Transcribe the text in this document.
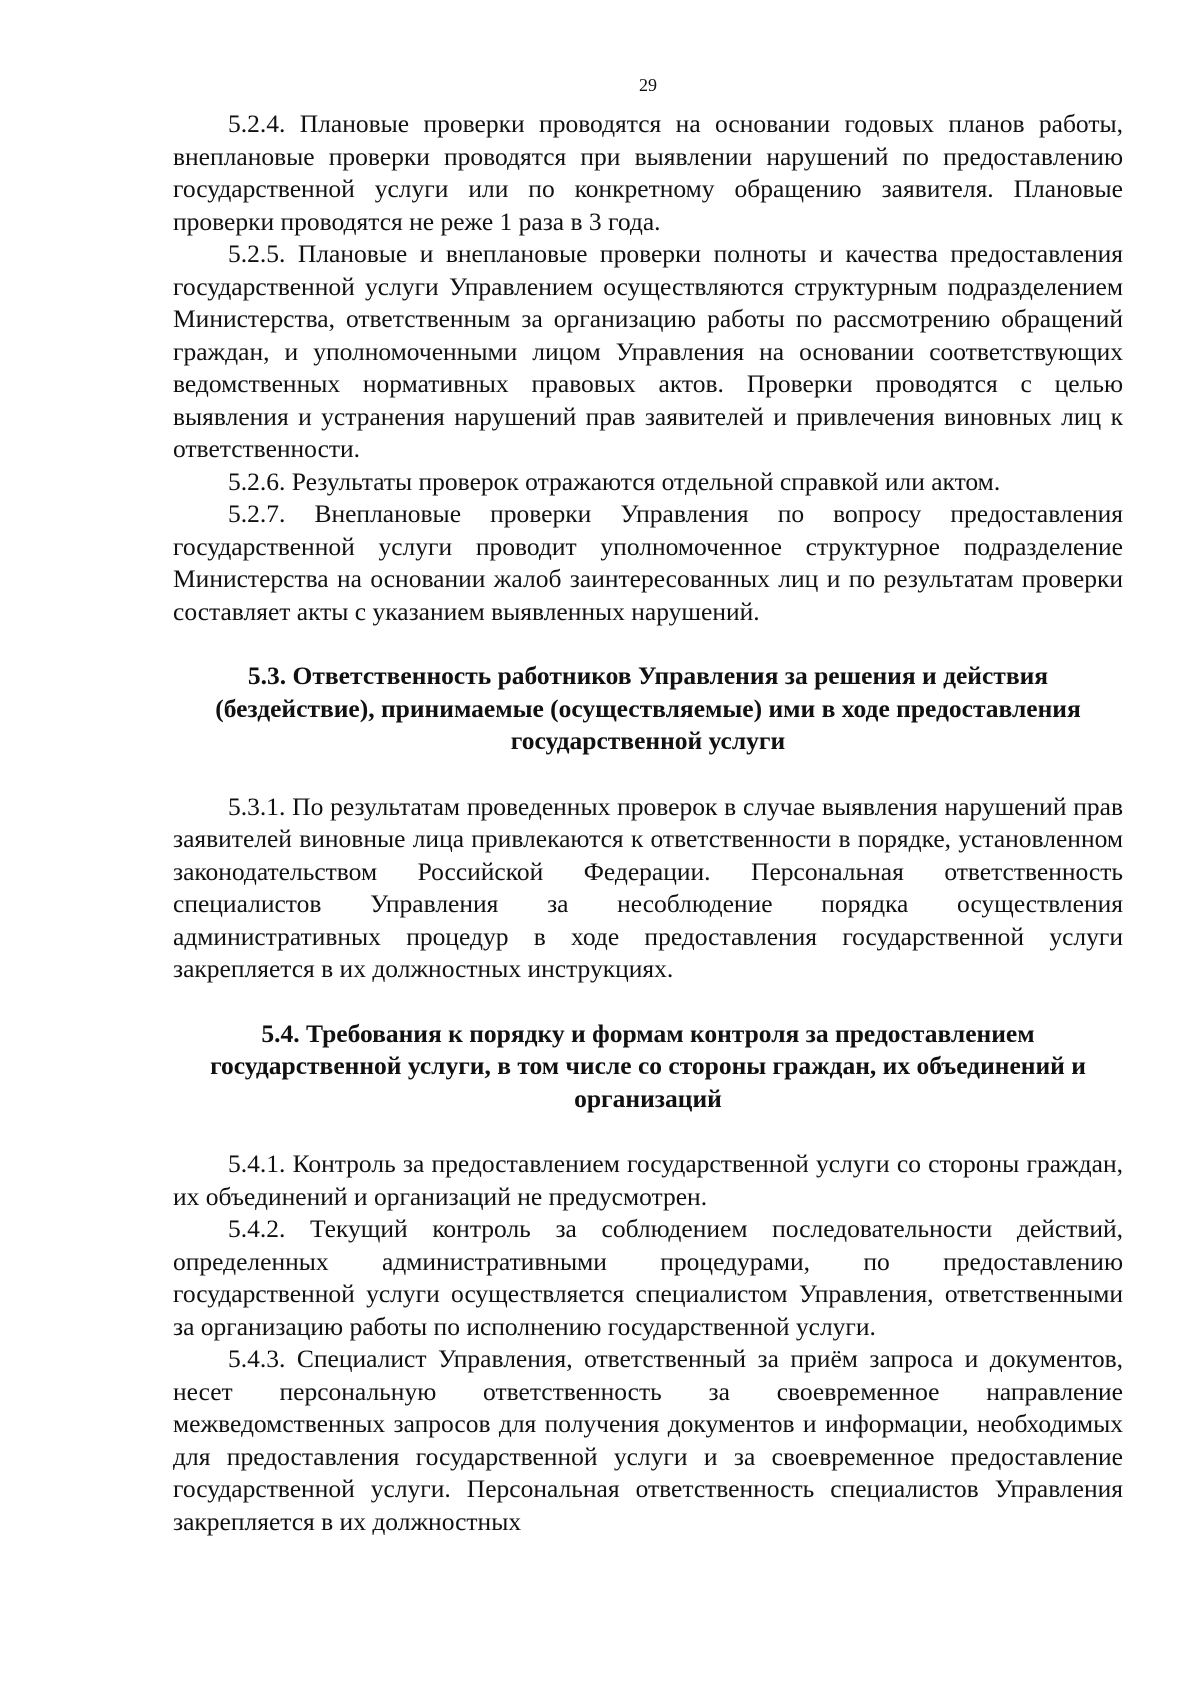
29

5.2.4. Плановые проверки проводятся на основании годовых планов работы, внеплановые проверки проводятся при выявлении нарушений по предоставлению государственной услуги или по конкретному обращению заявителя. Плановые проверки проводятся не реже 1 раза в 3 года.

5.2.5. Плановые и внеплановые проверки полноты и качества предоставления государственной услуги Управлением осуществляются структурным подразделением Министерства, ответственным за организацию работы по рассмотрению обращений граждан, и уполномоченными лицом Управления на основании соответствующих ведомственных нормативных правовых актов. Проверки проводятся с целью выявления и устранения нарушений прав заявителей и привлечения виновных лиц к ответственности.

5.2.6. Результаты проверок отражаются отдельной справкой или актом.

5.2.7. Внеплановые проверки Управления по вопросу предоставления государственной услуги проводит уполномоченное структурное подразделение Министерства на основании жалоб заинтересованных лиц и по результатам проверки составляет акты с указанием выявленных нарушений.

5.3. Ответственность работников Управления за решения и действия (бездействие), принимаемые (осуществляемые) ими в ходе предоставления государственной услуги

5.3.1. По результатам проведенных проверок в случае выявления нарушений прав заявителей виновные лица привлекаются к ответственности в порядке, установленном законодательством Российской Федерации. Персональная ответственность специалистов Управления за несоблюдение порядка осуществления административных процедур в ходе предоставления государственной услуги закрепляется в их должностных инструкциях.

5.4. Требования к порядку и формам контроля за предоставлением государственной услуги, в том числе со стороны граждан, их объединений и организаций

5.4.1. Контроль за предоставлением государственной услуги со стороны граждан, их объединений и организаций не предусмотрен.

5.4.2. Текущий контроль за соблюдением последовательности действий, определенных административными процедурами, по предоставлению государственной услуги осуществляется специалистом Управления, ответственными за организацию работы по исполнению государственной услуги.

5.4.3. Специалист Управления, ответственный за приём запроса и документов, несет персональную ответственность за своевременное направление межведомственных запросов для получения документов и информации, необходимых для предоставления государственной услуги и за своевременное предоставление государственной услуги. Персональная ответственность специалистов Управления закрепляется в их должностных
